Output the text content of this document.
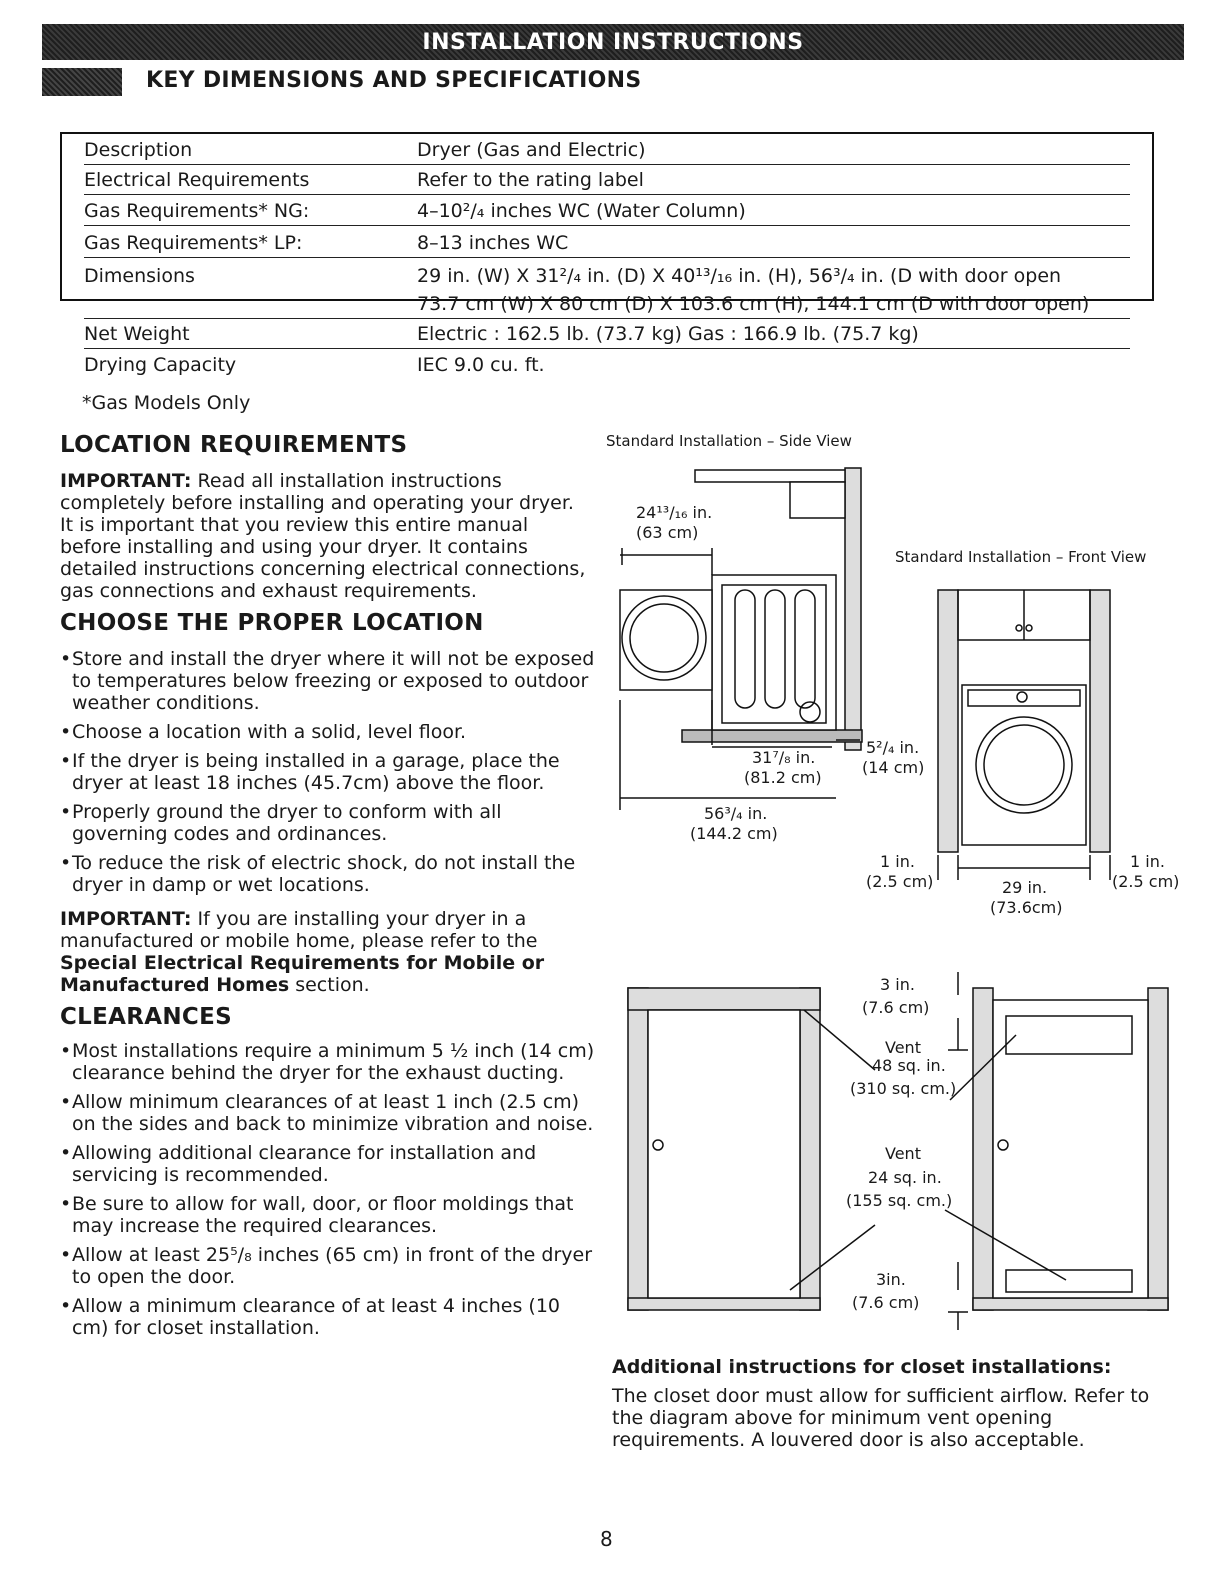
INSTALLATION INSTRUCTIONS
KEY DIMENSIONS AND SPECIFICATIONS
Description	Dryer (Gas and Electric)
Electrical Requirements	Refer to the rating label
Gas Requirements* NG:	4–10²/₄ inches WC (Water Column)
Gas Requirements* LP:	8–13 inches WC
Dimensions	29 in. (W) X 31²/₄ in. (D) X 40¹³/₁₆ in. (H), 56³/₄ in. (D with door open
73.7 cm (W) X 80 cm (D) X 103.6 cm (H), 144.1 cm (D with door open)
Net Weight	Electric : 162.5 lb. (73.7 kg) Gas : 166.9 lb. (75.7 kg)
Drying Capacity	IEC 9.0 cu. ft.
*Gas Models Only
LOCATION REQUIREMENTS
IMPORTANT: Read all installation instructions completely before installing and operating your dryer. It is important that you review this entire manual before installing and using your dryer. It contains detailed instructions concerning electrical connections, gas connections and exhaust requirements.
CHOOSE THE PROPER LOCATION
• Store and install the dryer where it will not be exposed to temperatures below freezing or exposed to outdoor weather conditions.
• Choose a location with a solid, level floor.
• If the dryer is being installed in a garage, place the dryer at least 18 inches (45.7cm) above the floor.
• Properly ground the dryer to conform with all governing codes and ordinances.
• To reduce the risk of electric shock, do not install the dryer in damp or wet locations.
IMPORTANT: If you are installing your dryer in a manufactured or mobile home, please refer to the Special Electrical Requirements for Mobile or Manufactured Homes section.
CLEARANCES
• Most installations require a minimum 5 ½ inch (14 cm) clearance behind the dryer for the exhaust ducting.
• Allow minimum clearances of at least 1 inch (2.5 cm) on the sides and back to minimize vibration and noise.
• Allowing additional clearance for installation and servicing is recommended.
• Be sure to allow for wall, door, or floor moldings that may increase the required clearances.
• Allow at least 25⁵/₈ inches (65 cm) in front of the dryer to open the door.
• Allow a minimum clearance of at least 4 inches (10 cm) for closet installation.
Standard Installation – Side View
24¹³/₁₆ in.
(63 cm)
31⁷/₈ in.
(81.2 cm)
5²/₄ in.
(14 cm)
56³/₄ in.
(144.2 cm)
Standard Installation – Front View
1 in.
(2.5 cm)	29 in.
(73.6cm)
1 in.
(2.5 cm)
3 in.
(7.6 cm)
Vent
48 sq. in.
(310 sq. cm.)
Vent
24 sq. in.
(155 sq. cm.)
3in.
(7.6 cm)
Additional instructions for closet installations:
The closet door must allow for sufficient airflow. Refer to the diagram above for minimum vent opening requirements. A louvered door is also acceptable.
8
